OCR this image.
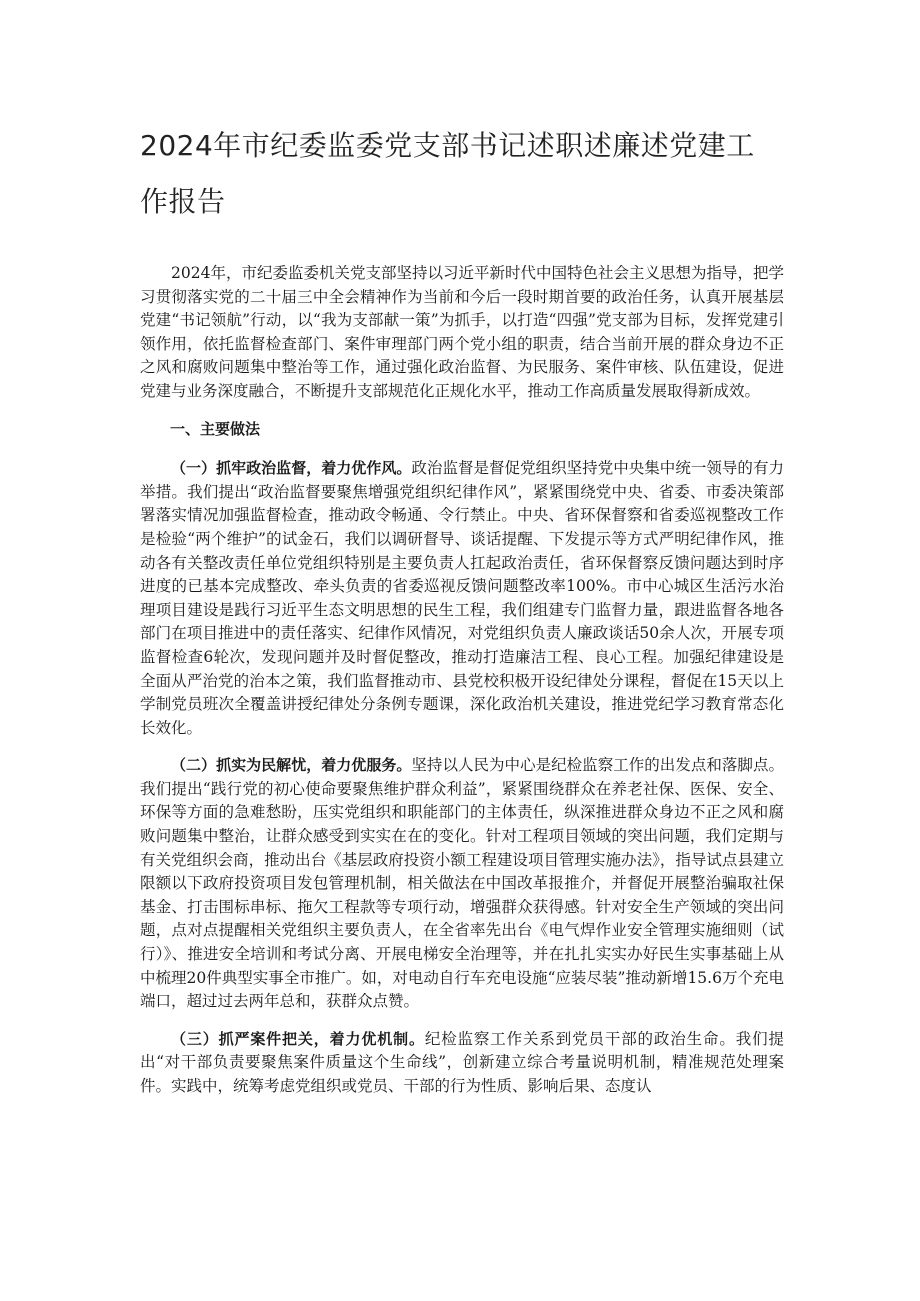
2024年市纪委监委党支部书记述职述廉述党建工作报告

2024年，市纪委监委机关党支部坚持以习近平新时代中国特色社会主义思想为指导，把学习贯彻落实党的二十届三中全会精神作为当前和今后一段时期首要的政治任务，认真开展基层党建“书记领航”行动，以“我为支部献一策”为抓手，以打造“四强”党支部为目标，发挥党建引领作用，依托监督检查部门、案件审理部门两个党小组的职责，结合当前开展的群众身边不正之风和腐败问题集中整治等工作，通过强化政治监督、为民服务、案件审核、队伍建设，促进党建与业务深度融合，不断提升支部规范化正规化水平，推动工作高质量发展取得新成效。

一、主要做法

（一）抓牢政治监督，着力优作风。政治监督是督促党组织坚持党中央集中统一领导的有力举措。我们提出“政治监督要聚焦增强党组织纪律作风”，紧紧围绕党中央、省委、市委决策部署落实情况加强监督检查，推动政令畅通、令行禁止。中央、省环保督察和省委巡视整改工作是检验“两个维护”的试金石，我们以调研督导、谈话提醒、下发提示等方式严明纪律作风，推动各有关整改责任单位党组织特别是主要负责人扛起政治责任，省环保督察反馈问题达到时序进度的已基本完成整改、牵头负责的省委巡视反馈问题整改率100%。市中心城区生活污水治理项目建设是践行习近平生态文明思想的民生工程，我们组建专门监督力量，跟进监督各地各部门在项目推进中的责任落实、纪律作风情况，对党组织负责人廉政谈话50余人次，开展专项监督检查6轮次，发现问题并及时督促整改，推动打造廉洁工程、良心工程。加强纪律建设是全面从严治党的治本之策，我们监督推动市、县党校积极开设纪律处分课程，督促在15天以上学制党员班次全覆盖讲授纪律处分条例专题课，深化政治机关建设，推进党纪学习教育常态化长效化。

（二）抓实为民解忧，着力优服务。坚持以人民为中心是纪检监察工作的出发点和落脚点。我们提出“践行党的初心使命要聚焦维护群众利益”，紧紧围绕群众在养老社保、医保、安全、环保等方面的急难愁盼，压实党组织和职能部门的主体责任，纵深推进群众身边不正之风和腐败问题集中整治，让群众感受到实实在在的变化。针对工程项目领域的突出问题，我们定期与有关党组织会商，推动出台《基层政府投资小额工程建设项目管理实施办法》，指导试点县建立限额以下政府投资项目发包管理机制，相关做法在中国改革报推介，并督促开展整治骗取社保基金、打击围标串标、拖欠工程款等专项行动，增强群众获得感。针对安全生产领域的突出问题，点对点提醒相关党组织主要负责人，在全省率先出台《电气焊作业安全管理实施细则（试行）》、推进安全培训和考试分离、开展电梯安全治理等，并在扎扎实实办好民生实事基础上从中梳理20件典型实事全市推广。如，对电动自行车充电设施“应装尽装”推动新增15.6万个充电端口，超过过去两年总和，获群众点赞。

（三）抓严案件把关，着力优机制。纪检监察工作关系到党员干部的政治生命。我们提出“对干部负责要聚焦案件质量这个生命线”，创新建立综合考量说明机制，精准规范处理案件。实践中，统筹考虑党组织或党员、干部的行为性质、影响后果、态度认
